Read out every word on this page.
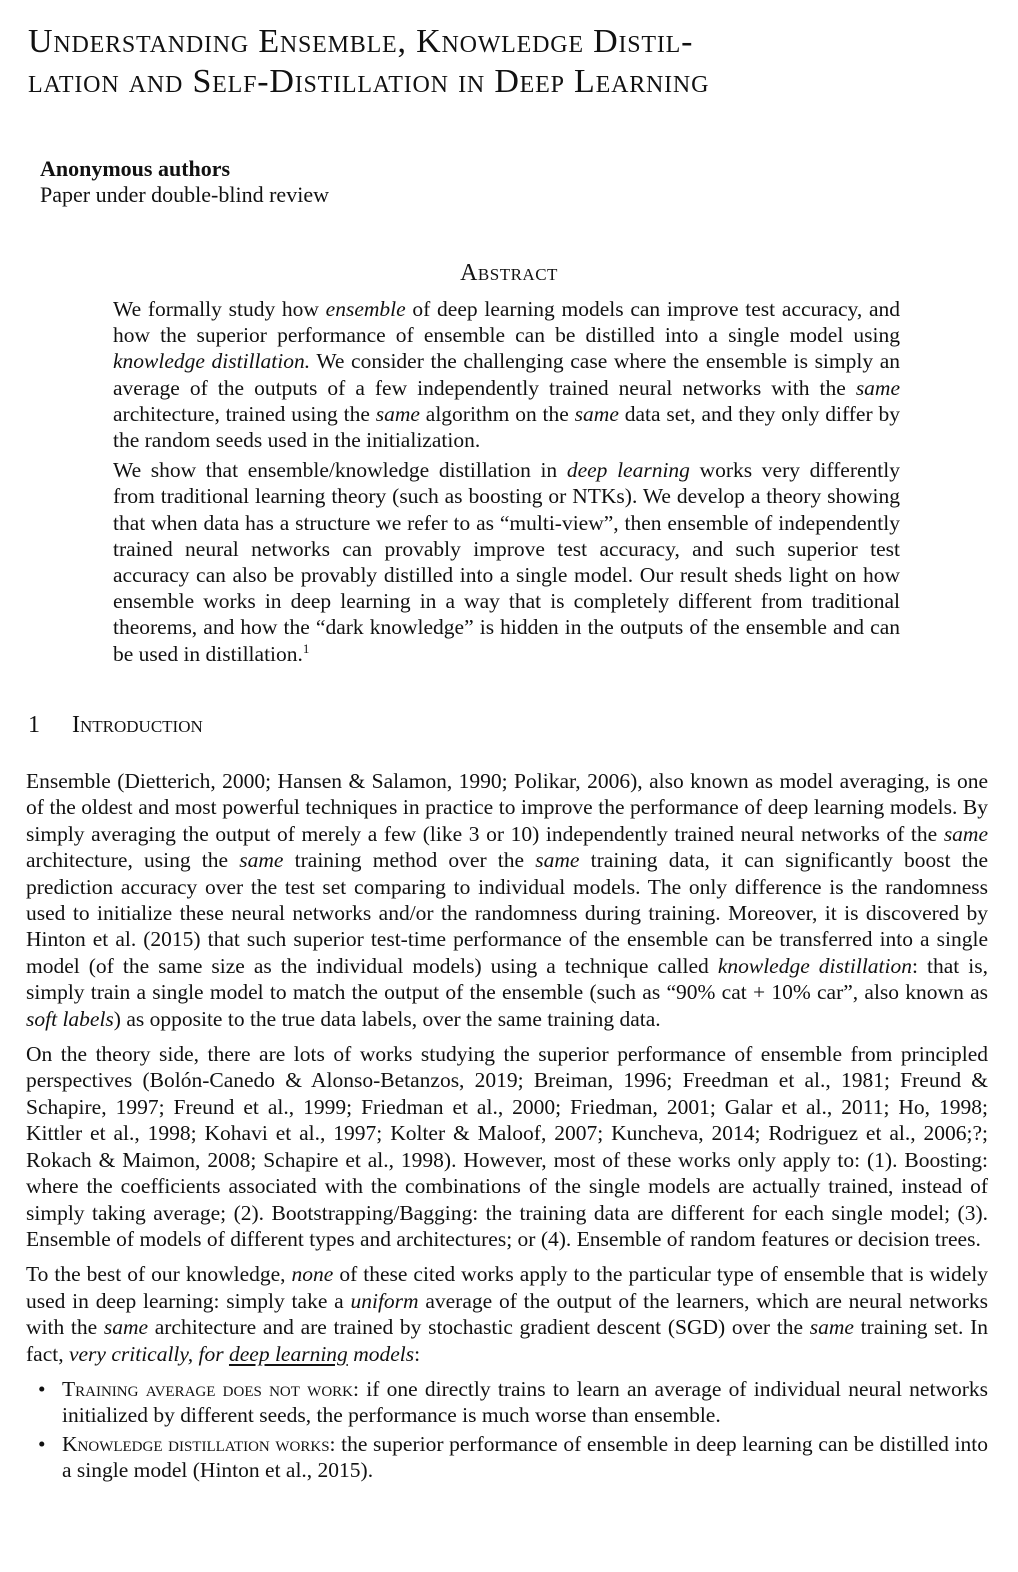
Understanding Ensemble, Knowledge Distil-
lation and Self-Distillation in Deep Learning
Anonymous authors
Paper under double-blind review
Abstract

We formally study how ensemble of deep learning models can improve test accuracy, and how the superior performance of ensemble can be distilled into a single model using knowledge distillation. We consider the challenging case where the ensemble is simply an average of the outputs of a few independently trained neural networks with the same architecture, trained using the same algorithm on the same data set, and they only differ by the random seeds used in the initialization.

We show that ensemble/knowledge distillation in deep learning works very differently from traditional learning theory (such as boosting or NTKs). We develop a theory showing that when data has a structure we refer to as “multi-view”, then ensemble of independently trained neural networks can provably improve test accuracy, and such superior test accuracy can also be provably distilled into a single model. Our result sheds light on how ensemble works in deep learning in a way that is completely different from traditional theorems, and how the “dark knowledge” is hidden in the outputs of the ensemble and can be used in distillation.$^1$

1 Introduction

Ensemble (Dietterich, 2000; Hansen & Salamon, 1990; Polikar, 2006), also known as model averaging, is one of the oldest and most powerful techniques in practice to improve the performance of deep learning models. By simply averaging the output of merely a few (like 3 or 10) independently trained neural networks of the same architecture, using the same training method over the same training data, it can significantly boost the prediction accuracy over the test set comparing to individual models. The only difference is the randomness used to initialize these neural networks and/or the randomness during training. Moreover, it is discovered by Hinton et al. (2015) that such superior test-time performance of the ensemble can be transferred into a single model (of the same size as the individual models) using a technique called knowledge distillation: that is, simply train a single model to match the output of the ensemble (such as “90% cat + 10% car”, also known as soft labels) as opposite to the true data labels, over the same training data.

On the theory side, there are lots of works studying the superior performance of ensemble from principled perspectives (Bolón-Canedo & Alonso-Betanzos, 2019; Breiman, 1996; Freedman et al., 1981; Freund & Schapire, 1997; Freund et al., 1999; Friedman et al., 2000; Friedman, 2001; Galar et al., 2011; Ho, 1998; Kittler et al., 1998; Kohavi et al., 1997; Kolter & Maloof, 2007; Kuncheva, 2014; Rodriguez et al., 2006;?; Rokach & Maimon, 2008; Schapire et al., 1998). However, most of these works only apply to: (1). Boosting: where the coefficients associated with the combinations of the single models are actually trained, instead of simply taking average; (2). Bootstrapping/Bagging: the training data are different for each single model; (3). Ensemble of models of different types and architectures; or (4). Ensemble of random features or decision trees.

To the best of our knowledge, none of these cited works apply to the particular type of ensemble that is widely used in deep learning: simply take a uniform average of the output of the learners, which are neural networks with the same architecture and are trained by stochastic gradient descent (SGD) over the same training set. In fact, very critically, for deep learning models:

• Training average does not work: if one directly trains to learn an average of individual neural networks initialized by different seeds, the performance is much worse than ensemble.
• Knowledge distillation works: the superior performance of ensemble in deep learning can be distilled into a single model (Hinton et al., 2015).
